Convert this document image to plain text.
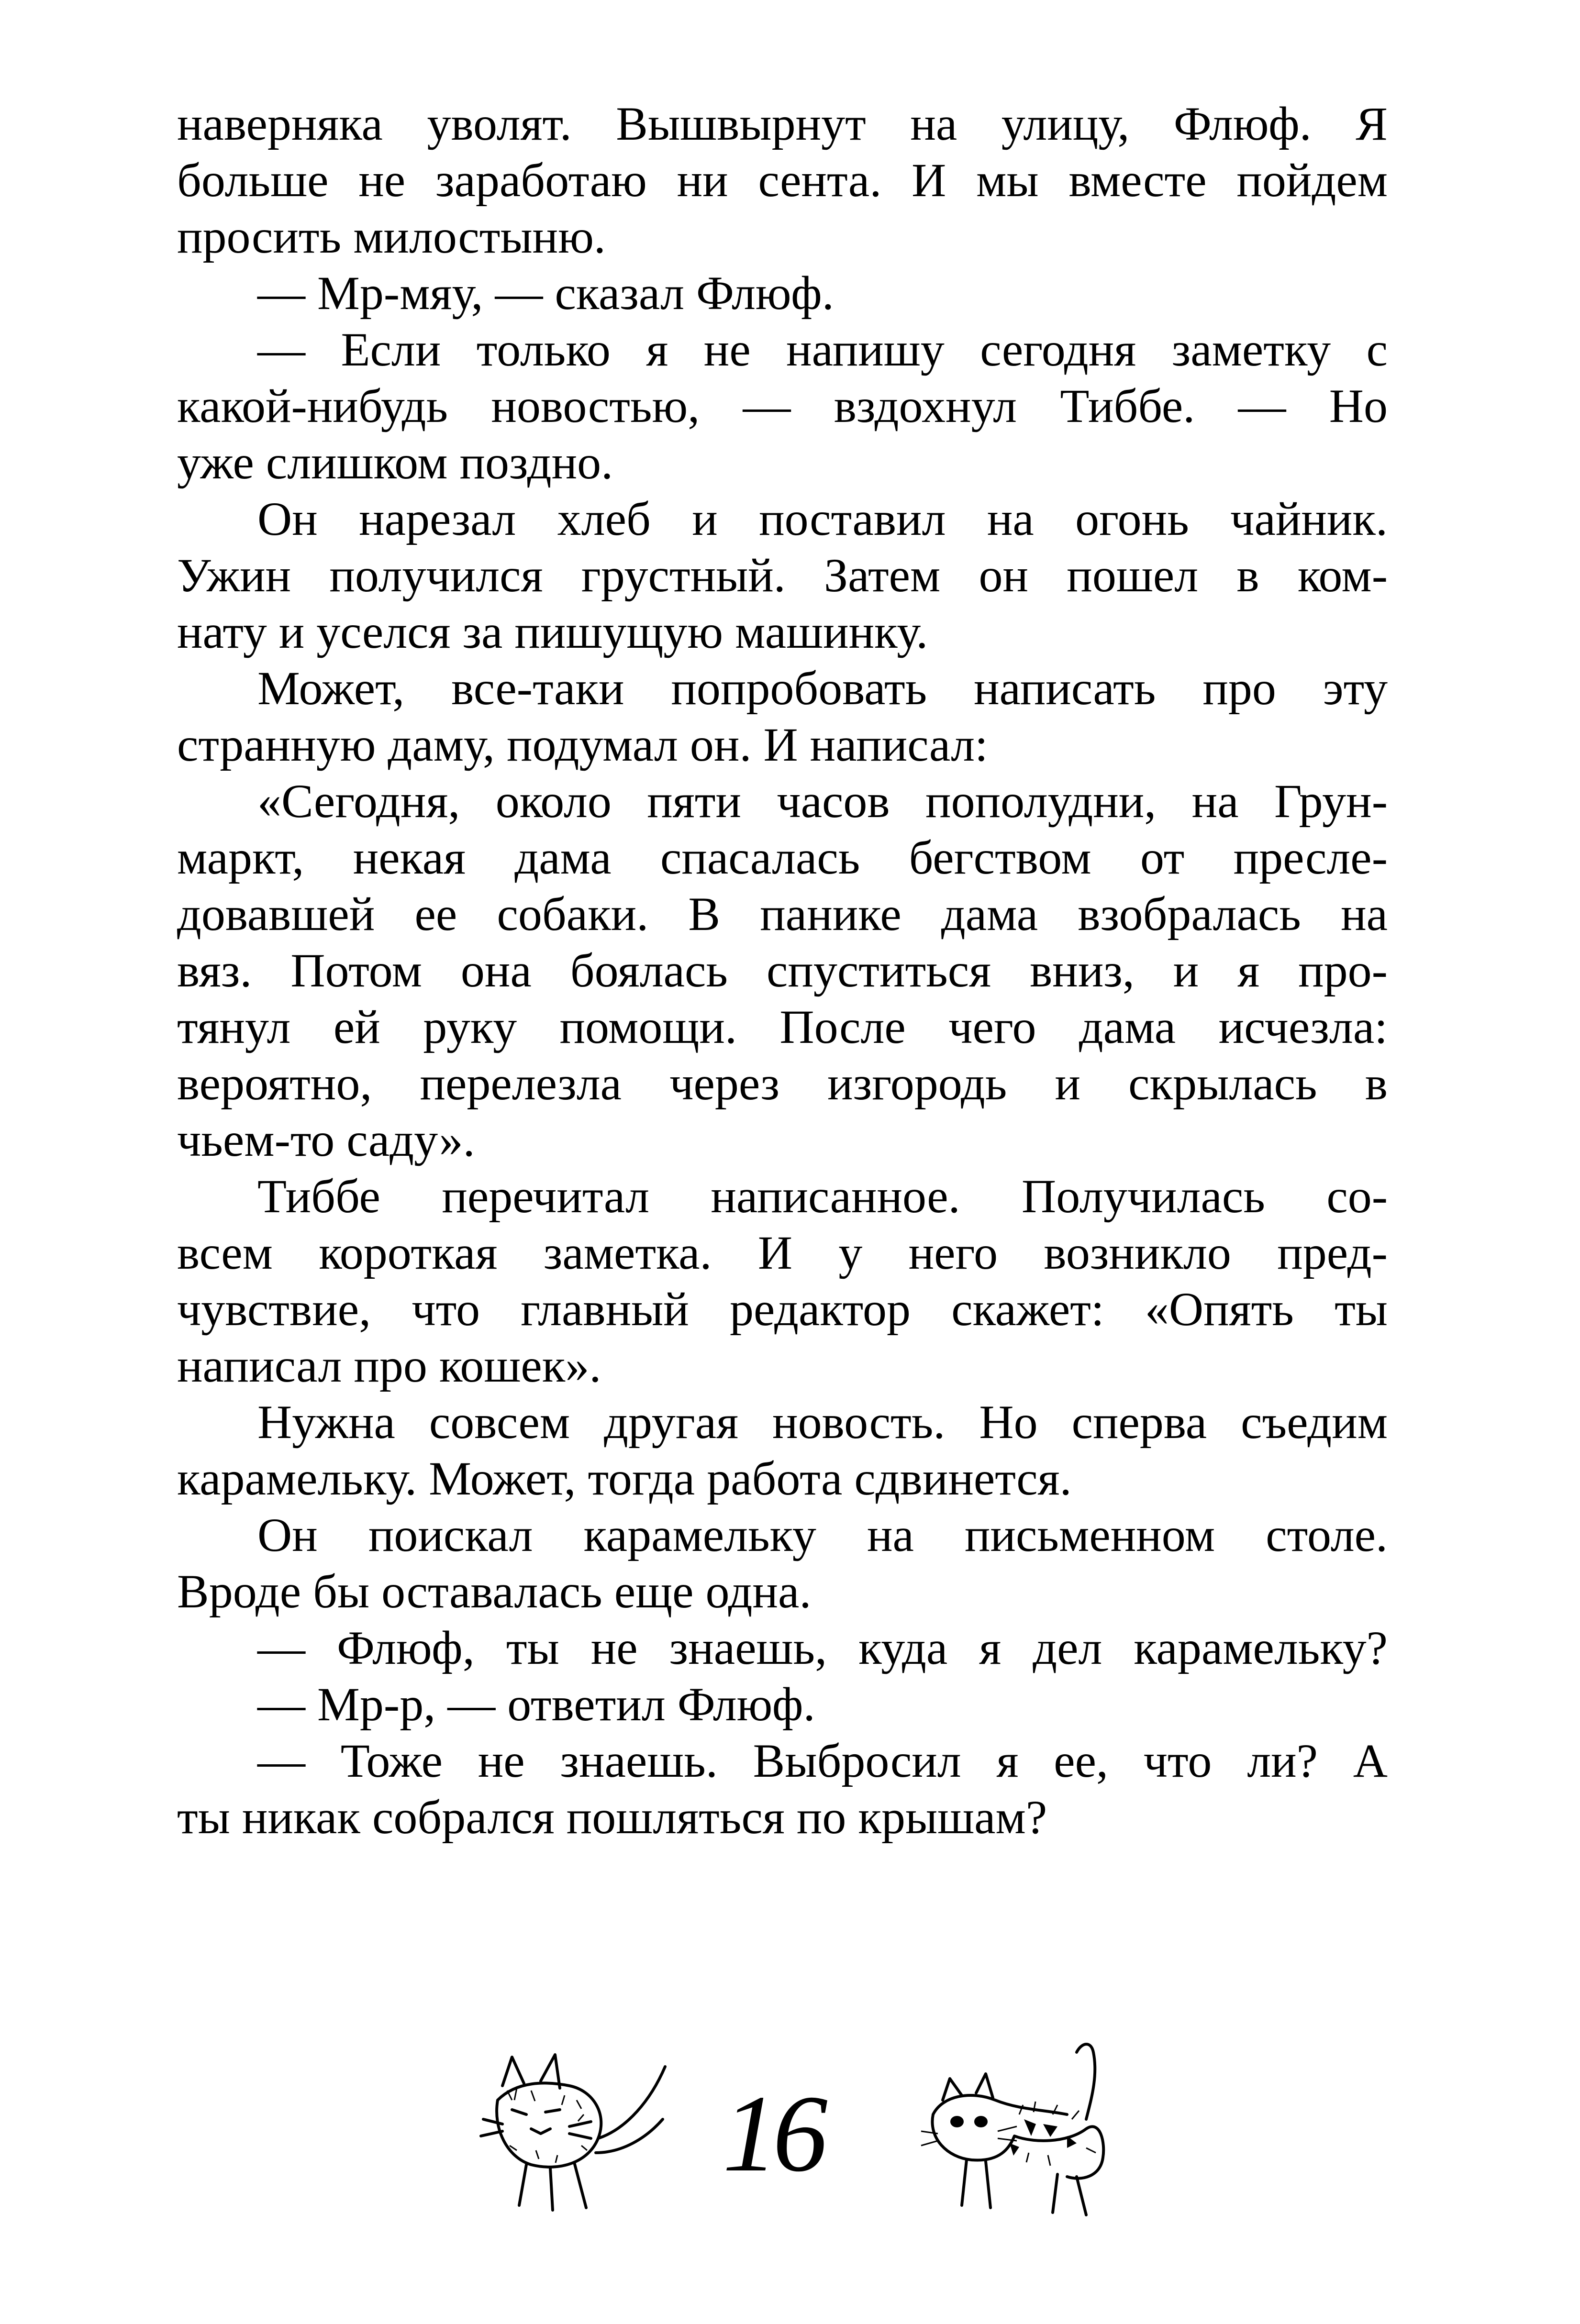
наверняка уволят. Вышвырнут на улицу, Флюф. Я
больше не заработаю ни сента. И мы вместе пойдем
просить милостыню.
— Мр-мяу, — сказал Флюф.
— Если только я не напишу сегодня заметку с
какой-нибудь новостью, — вздохнул Тиббе. — Но
уже слишком поздно.
Он нарезал хлеб и поставил на огонь чайник.
Ужин получился грустный. Затем он пошел в ком-
нату и уселся за пишущую машинку.
Может, все-таки попробовать написать про эту
странную даму, подумал он. И написал:
«Сегодня, около пяти часов пополудни, на Грун-
маркт, некая дама спасалась бегством от пресле-
довавшей ее собаки. В панике дама взобралась на
вяз. Потом она боялась спуститься вниз, и я про-
тянул ей руку помощи. После чего дама исчезла:
вероятно, перелезла через изгородь и скрылась в
чьем-то саду».
Тиббе перечитал написанное. Получилась со-
всем короткая заметка. И у него возникло пред-
чувствие, что главный редактор скажет: «Опять ты
написал про кошек».
Нужна совсем другая новость. Но сперва съедим
карамельку. Может, тогда работа сдвинется.
Он поискал карамельку на письменном столе.
Вроде бы оставалась еще одна.
— Флюф, ты не знаешь, куда я дел карамельку?
— Мр-р, — ответил Флюф.
— Тоже не знаешь. Выбросил я ее, что ли? А
ты никак собрался пошляться по крышам?
16
